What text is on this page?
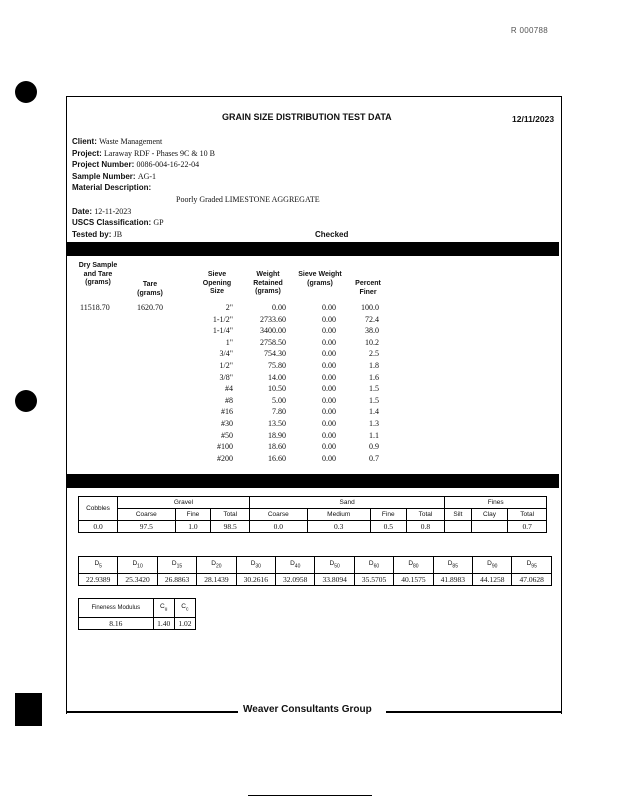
R 000788
GRAIN SIZE DISTRIBUTION TEST DATA	12/11/2023
Client: Waste Management
Project: Laraway RDF - Phases 9C & 10 B
Project Number: 0086-004-16-22-04
Sample Number: AG-1
Material Description:
Poorly Graded LIMESTONE AGGREGATE
Date: 12-11-2023
USCS Classification: GP
Tested by: JB	Checked
Dry Sample and Tare (grams)	Tare (grams)
Sieve Opening Size
Weight Retained (grams)
Sieve Weight (grams)	Percent Finer
11518.70	1620.70	2"	0.00	0.00	100.0
1-1/2"	2733.60	0.00	72.4
1-1/4"	3400.00	0.00	38.0
1"	2758.50	0.00	10.2
3/4"	754.30	0.00	2.5
1/2"	75.80	0.00	1.8
3/8"	14.00	0.00	1.6
#4	10.50	0.00	1.5
#8	5.00	0.00	1.5
#16	7.80	0.00	1.4
#30	13.50	0.00	1.3
#50	18.90	0.00	1.1
#100	18.60	0.00	0.9
#200	16.60	0.00	0.7
Cobbles	Gravel			Sand				Fines		
	Coarse	Fine	Total	Coarse	Medium	Fine	Total	Silt	Clay	Total
0.0	97.5	1.0	98.5	0.0	0.3	0.5	0.8			0.7
$D_5$	$D_{10}$	$D_{15}$	$D_{20}$	$D_{30}$	$D_{40}$	$D_{50}$	$D_{60}$	$D_{80}$	$D_{85}$	$D_{90}$	$D_{95}$
22.9389	25.3420	26.8863	28.1439	30.2616	32.0958	33.8094	35.5705	40.1575	41.8983	44.1258	47.0628
Fineness Modulus	$C_u$	$C_c$
8.16	1.40	1.02
Weaver Consultants Group
